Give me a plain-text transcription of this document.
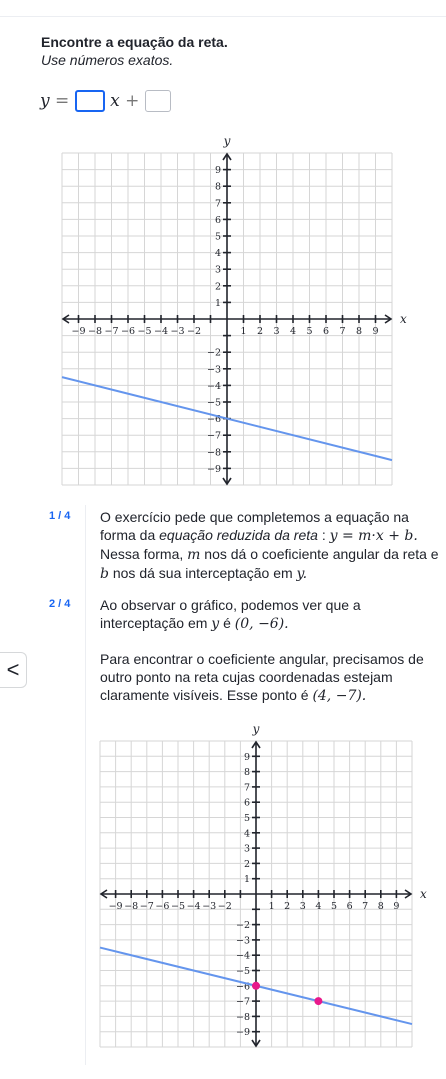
Encontre a equação da reta.
Use números exatos.
y = x +
−9 −8 −7 −6 −5 −4 −3 −2	1 2 3 4 5 6 7 8 9
9
8
7
6
5
4
3
2
1
−2
−3
−4
−5
−6
−7
−8
−9
x
y
−9 −8 −7 −6 −5 −4 −3 −2	1 2 3 4 5 6 7 8 9
9
8
7
6
5
4
3
2
1
−2
−3
−4
−5
−6
−7
−8
−9
x
y
1 / 4 O exercício pede que completemos a equação na forma da equação reduzida da reta : y = m·x + b. Nessa forma, m nos dá o coeficiente angular da reta e b nos dá sua interceptação em y.
2 / 4 Ao observar o gráfico, podemos ver que a interceptação em y é (0, −6).
Para encontrar o coeficiente angular, precisamos de outro ponto na reta cujas coordenadas estejam claramente visíveis. Esse ponto é (4, −7).
<
